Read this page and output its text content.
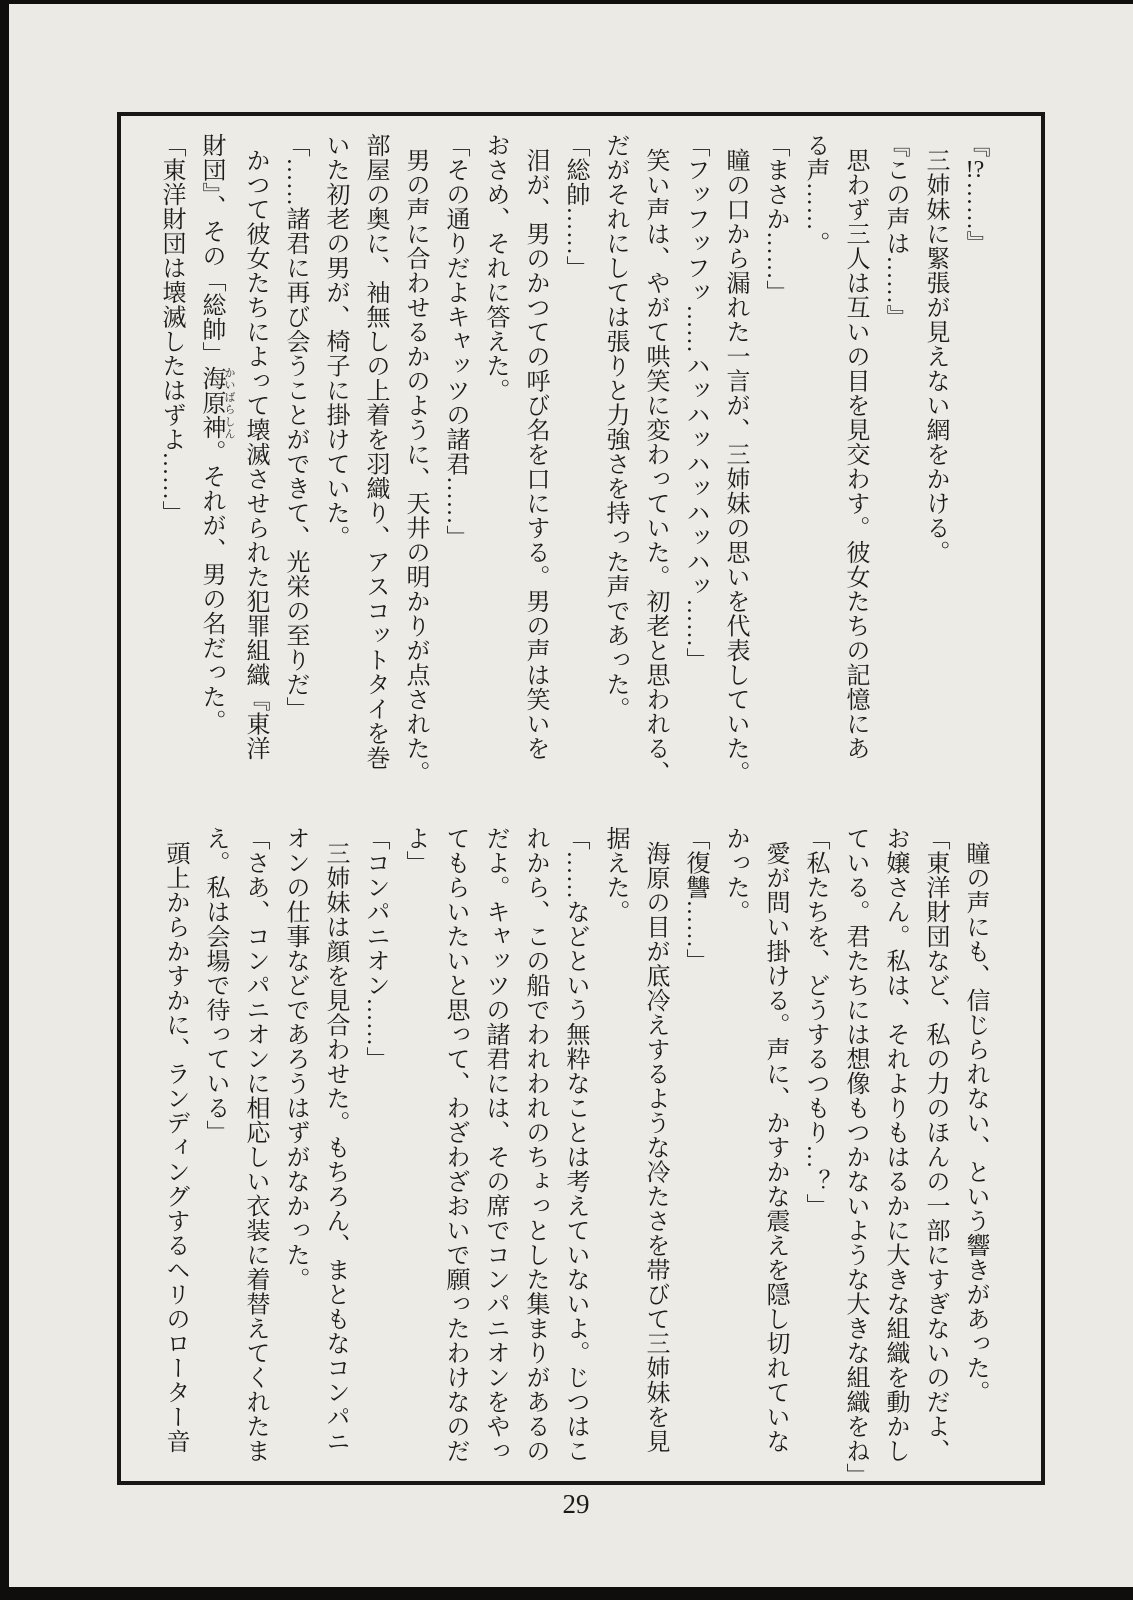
『!?……』
三姉妹に緊張が見えない網をかける。
『この声は……』
思わず三人は互いの目を見交わす。彼女たちの記憶にあ
る声……。
「まさか……」
瞳の口から漏れた一言が、三姉妹の思いを代表していた。
「フッフッフッ……ハッハッハッハッハッ……」
笑い声は、やがて哄笑に変わっていた。初老と思われる、
だがそれにしては張りと力強さを持った声であった。
「総帥……」
泪が、男のかつての呼び名を口にする。男の声は笑いを
おさめ、それに答えた。
「その通りだよキャッツの諸君……」
男の声に合わせるかのように、天井の明かりが点された。
部屋の奥に、袖無しの上着を羽織り、アスコットタイを巻
いた初老の男が、椅子に掛けていた。
「……諸君に再び会うことができて、光栄の至りだ」
かつて彼女たちによって壊滅させられた犯罪組織『東洋
財団』、その「総帥」海原 かいばら神 しん。それが、男の名だった。
「東洋財団は壊滅したはずよ……」
瞳の声にも、信じられない、という響きがあった。
「東洋財団など、私の力のほんの一部にすぎないのだよ、
お嬢さん。私は、それよりもはるかに大きな組織を動かし
ている。君たちには想像もつかないような大きな組織をね」
「私たちを、どうするつもり…？」
愛が問い掛ける。声に、かすかな震えを隠し切れていな
かった。
「復讐……」
海原の目が底冷えするような冷たさを帯びて三姉妹を見
据えた。
「……などという無粋なことは考えていないよ。じつはこ
れから、この船でわれわれのちょっとした集まりがあるの
だよ。キャッツの諸君には、その席でコンパニオンをやっ
てもらいたいと思って、わざわざおいで願ったわけなのだ
よ」
「コンパニオン……」
三姉妹は顔を見合わせた。もちろん、まともなコンパニ
オンの仕事などであろうはずがなかった。
「さあ、コンパニオンに相応しい衣装に着替えてくれたま
え。私は会場で待っている」
頭上からかすかに、ランディングするヘリのローター音
29
